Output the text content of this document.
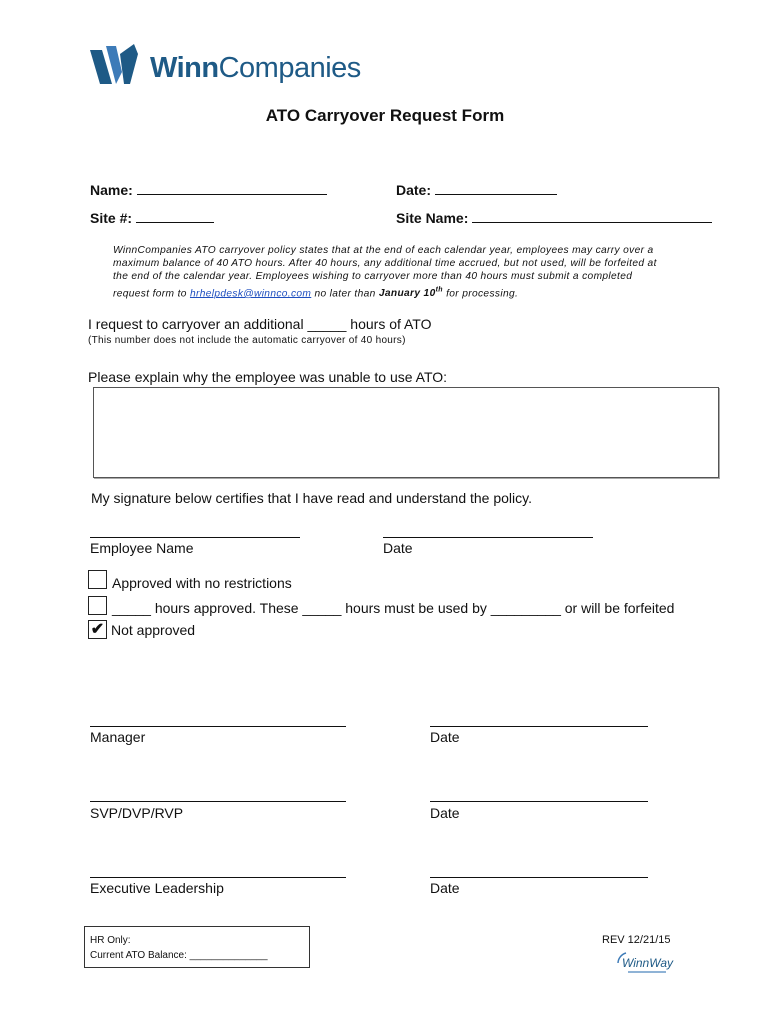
WinnCompanies
ATO Carryover Request Form
Name:	Date:
Site #:	Site Name:
WinnCompanies ATO carryover policy states that at the end of each calendar year, employees may carry over a maximum balance of 40 ATO hours. After 40 hours, any additional time accrued, but not used, will be forfeited at the end of the calendar year. Employees wishing to carryover more than 40 hours must submit a completed request form to hrhelpdesk@winnco.com no later than January 10th for processing.
I request to carryover an additional _____ hours of ATO
(This number does not include the automatic carryover of 40 hours)
Please explain why the employee was unable to use ATO:
My signature below certifies that I have read and understand the policy.
Employee Name	Date
Approved with no restrictions
_____ hours approved. These _____ hours must be used by _________ or will be forfeited
✔ Not approved
Manager	Date
SVP/DVP/RVP	Date
Executive Leadership	Date
HR Only:
Current ATO Balance: ______________
REV 12/21/15
WinnWay
